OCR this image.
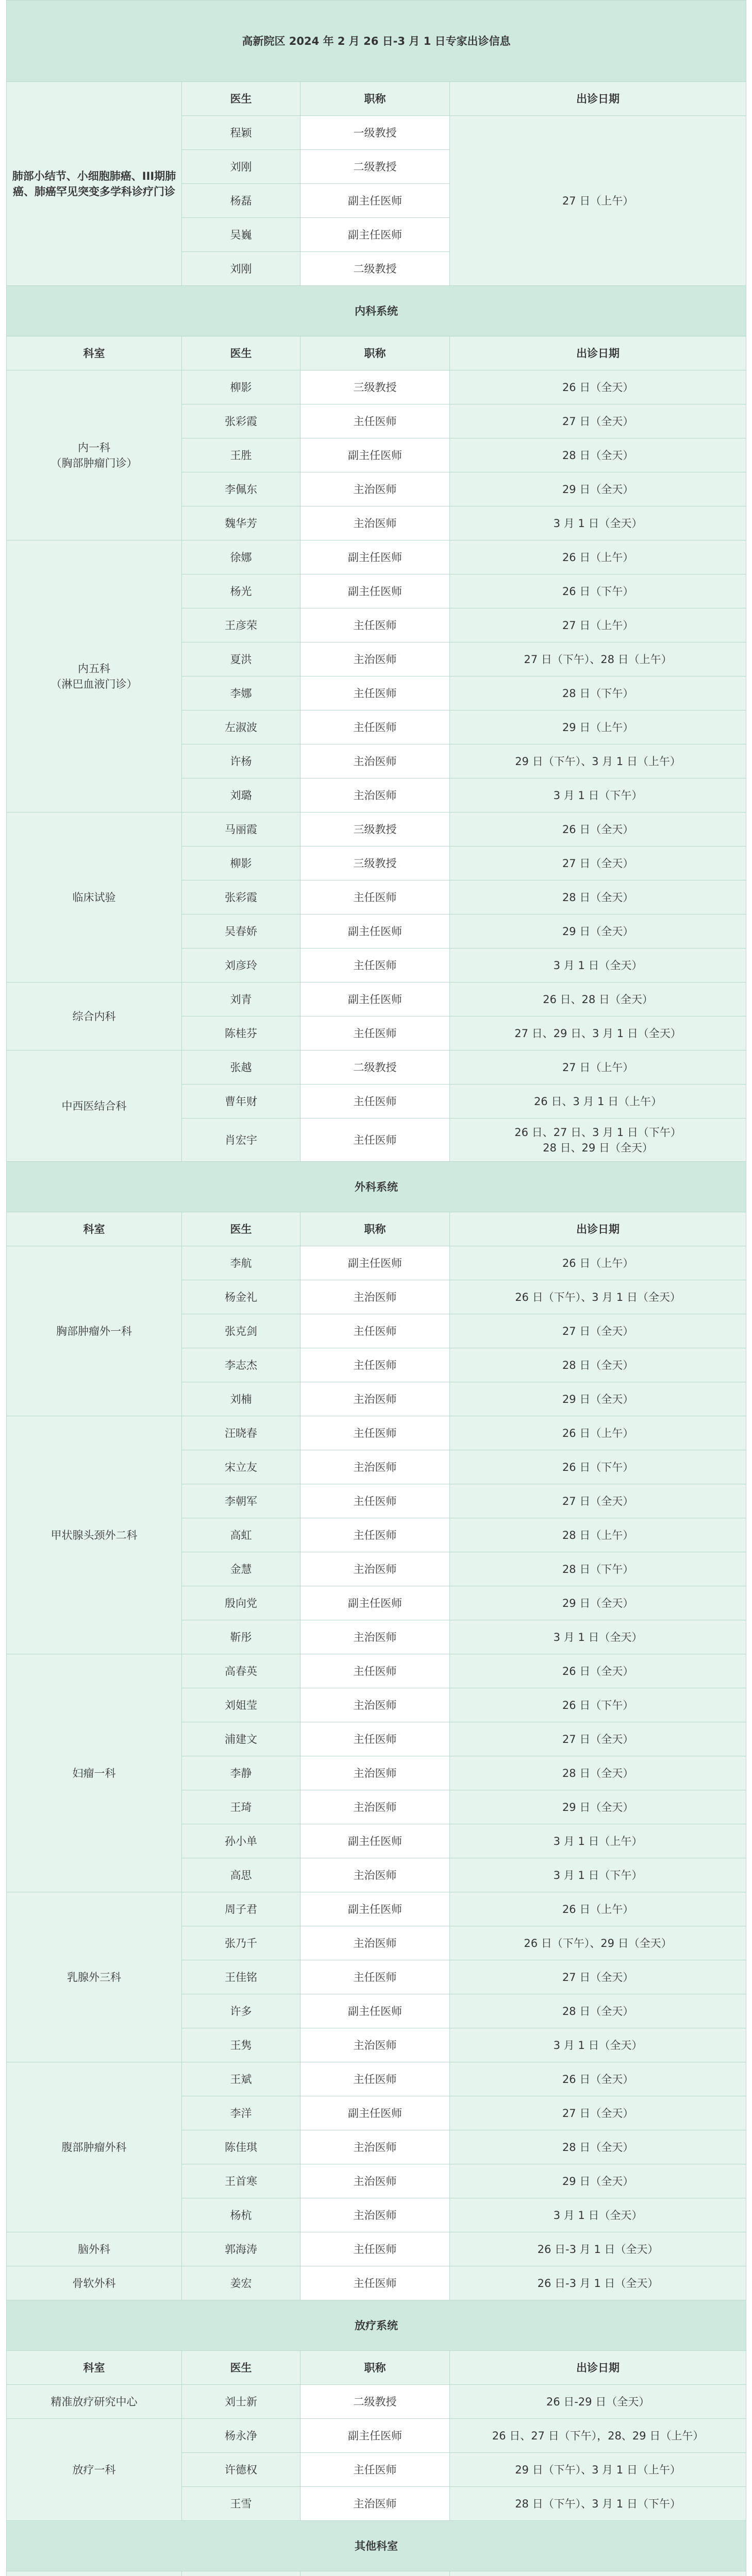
高新院区 2024 年 2 月 26 日-3 月 1 日专家出诊信息			
肺部小结节、小细胞肺癌、III期肺癌、肺癌罕见突变多学科诊疗门诊	医生	职称	出诊日期
	程颖	一级教授	27 日（上午）
	刘刚	二级教授	
	杨磊	副主任医师	
	吴巍	副主任医师	
	刘刚	二级教授	
内科系统			
科室	医生	职称	出诊日期

内一科
（胸部肿瘤门诊）	柳影	三级教授	26 日（全天）

	张彩霞	主任医师	27 日（全天）

	王胜	副主任医师	28 日（全天）

	李佩东	主治医师	29 日（全天）

	魏华芳	主治医师	3 月 1 日（全天）

内五科
（淋巴血液门诊）	徐娜	副主任医师	26 日（上午）

	杨光	副主任医师	26 日（下午）

	王彦荣	主任医师	27 日（上午）

	夏洪	主治医师	27 日（下午）、28 日（上午）

	李娜	主任医师	28 日（下午）

	左淑波	主任医师	29 日（上午）

	许杨	主治医师	29 日（下午）、3 月 1 日（上午）

	刘璐	主治医师	3 月 1 日（下午）

临床试验	马丽霞	三级教授	26 日（全天）

	柳影	三级教授	27 日（全天）

	张彩霞	主任医师	28 日（全天）

	吴春娇	副主任医师	29 日（全天）

	刘彦玲	主任医师	3 月 1 日（全天）

综合内科	刘青	副主任医师	26 日、28 日（全天）

	陈桂芬	主任医师	27 日、29 日、3 月 1 日（全天）

中西医结合科	张越	二级教授	27 日（上午）

	曹年财	主任医师	26 日、3 月 1 日（上午）

	肖宏宇	主任医师	26 日、27 日、3 月 1 日（下午）
28 日、29 日（全天）

外科系统			
科室	医生	职称	出诊日期

胸部肿瘤外一科	李航	副主任医师	26 日（上午）

	杨金礼	主治医师	26 日（下午）、3 月 1 日（全天）

	张克剑	主任医师	27 日（全天）

	李志杰	主任医师	28 日（全天）

	刘楠	主治医师	29 日（全天）

甲状腺头颈外二科	汪晓春	主任医师	26 日（上午）

	宋立友	主治医师	26 日（下午）

	李朝军	主任医师	27 日（全天）

	高虹	主任医师	28 日（上午）

	金慧	主治医师	28 日（下午）

	殷向党	副主任医师	29 日（全天）

	靳彤	主治医师	3 月 1 日（全天）

妇瘤一科	高春英	主任医师	26 日（全天）

	刘姐莹	主治医师	26 日（下午）

	浦建文	主任医师	27 日（全天）

	李静	主治医师	28 日（全天）

	王琦	主治医师	29 日（全天）

	孙小单	副主任医师	3 月 1 日（上午）

	高思	主治医师	3 月 1 日（下午）

乳腺外三科	周子君	副主任医师	26 日（上午）

	张乃千	主治医师	26 日（下午）、29 日（全天）

	王佳铭	主任医师	27 日（全天）

	许多	副主任医师	28 日（全天）

	王隽	主治医师	3 月 1 日（全天）

腹部肿瘤外科	王斌	主任医师	26 日（全天）

	李洋	副主任医师	27 日（全天）

	陈佳琪	主治医师	28 日（全天）

	王首寒	主治医师	29 日（全天）

	杨杭	主治医师	3 月 1 日（全天）

脑外科	郭海涛	主任医师	26 日-3 月 1 日（全天）

骨软外科	姜宏	主任医师	26 日-3 月 1 日（全天）

放疗系统			
科室	医生	职称	出诊日期

精准放疗研究中心	刘士新	二级教授	26 日-29 日（全天）

放疗一科	杨永净	副主任医师	26 日、27 日（下午），28、29 日（上午）

	许德权	主任医师	29 日（下午）、3 月 1 日（上午）

	王雪	主治医师	28 日（下午）、3 月 1 日（下午）

其他科室			
